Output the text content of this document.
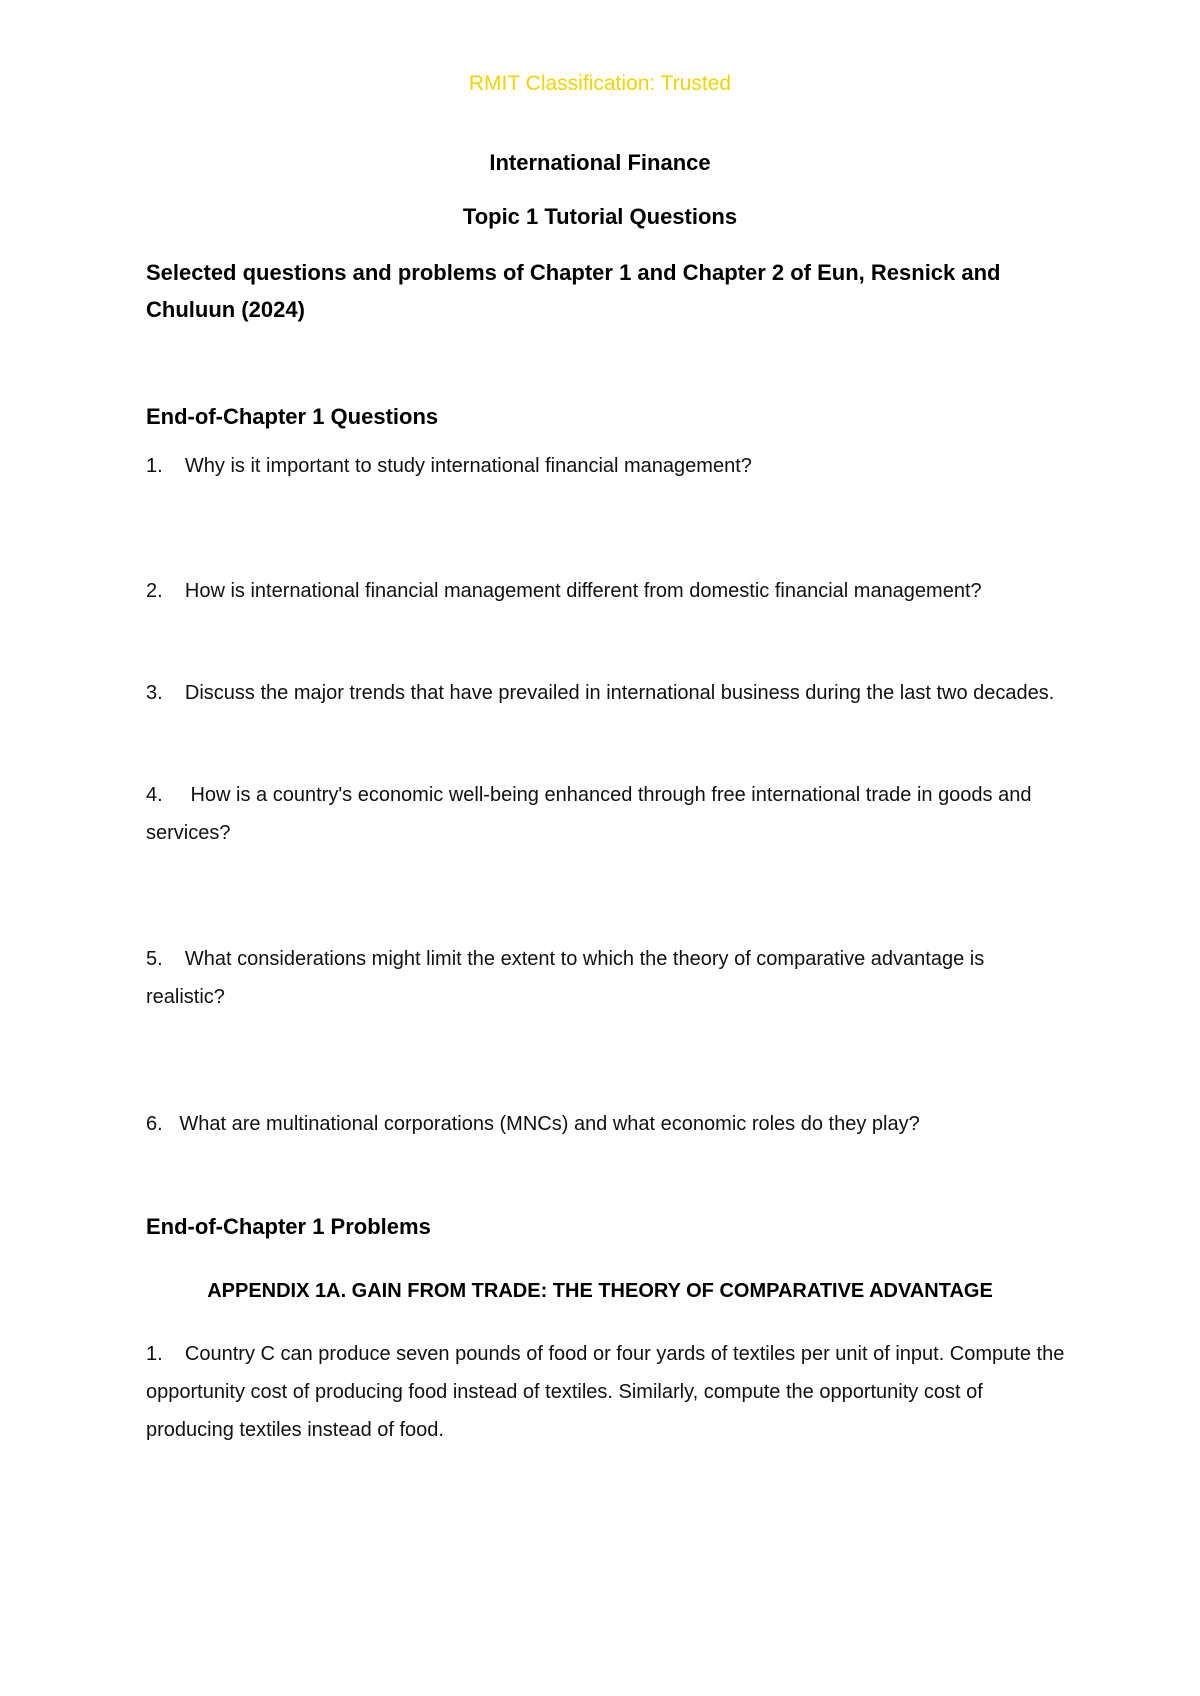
RMIT Classification: Trusted
International Finance
Topic 1 Tutorial Questions
Selected questions and problems of Chapter 1 and Chapter 2 of Eun, Resnick and Chuluun (2024)
End-of-Chapter 1 Questions
1. Why is it important to study international financial management?
2. How is international financial management different from domestic financial management?
3. Discuss the major trends that have prevailed in international business during the last two decades.
4. How is a country's economic well-being enhanced through free international trade in goods and services?
5. What considerations might limit the extent to which the theory of comparative advantage is realistic?
6. What are multinational corporations (MNCs) and what economic roles do they play?
End-of-Chapter 1 Problems
APPENDIX 1A. GAIN FROM TRADE: THE THEORY OF COMPARATIVE ADVANTAGE
1. Country C can produce seven pounds of food or four yards of textiles per unit of input. Compute the opportunity cost of producing food instead of textiles. Similarly, compute the opportunity cost of producing textiles instead of food.
